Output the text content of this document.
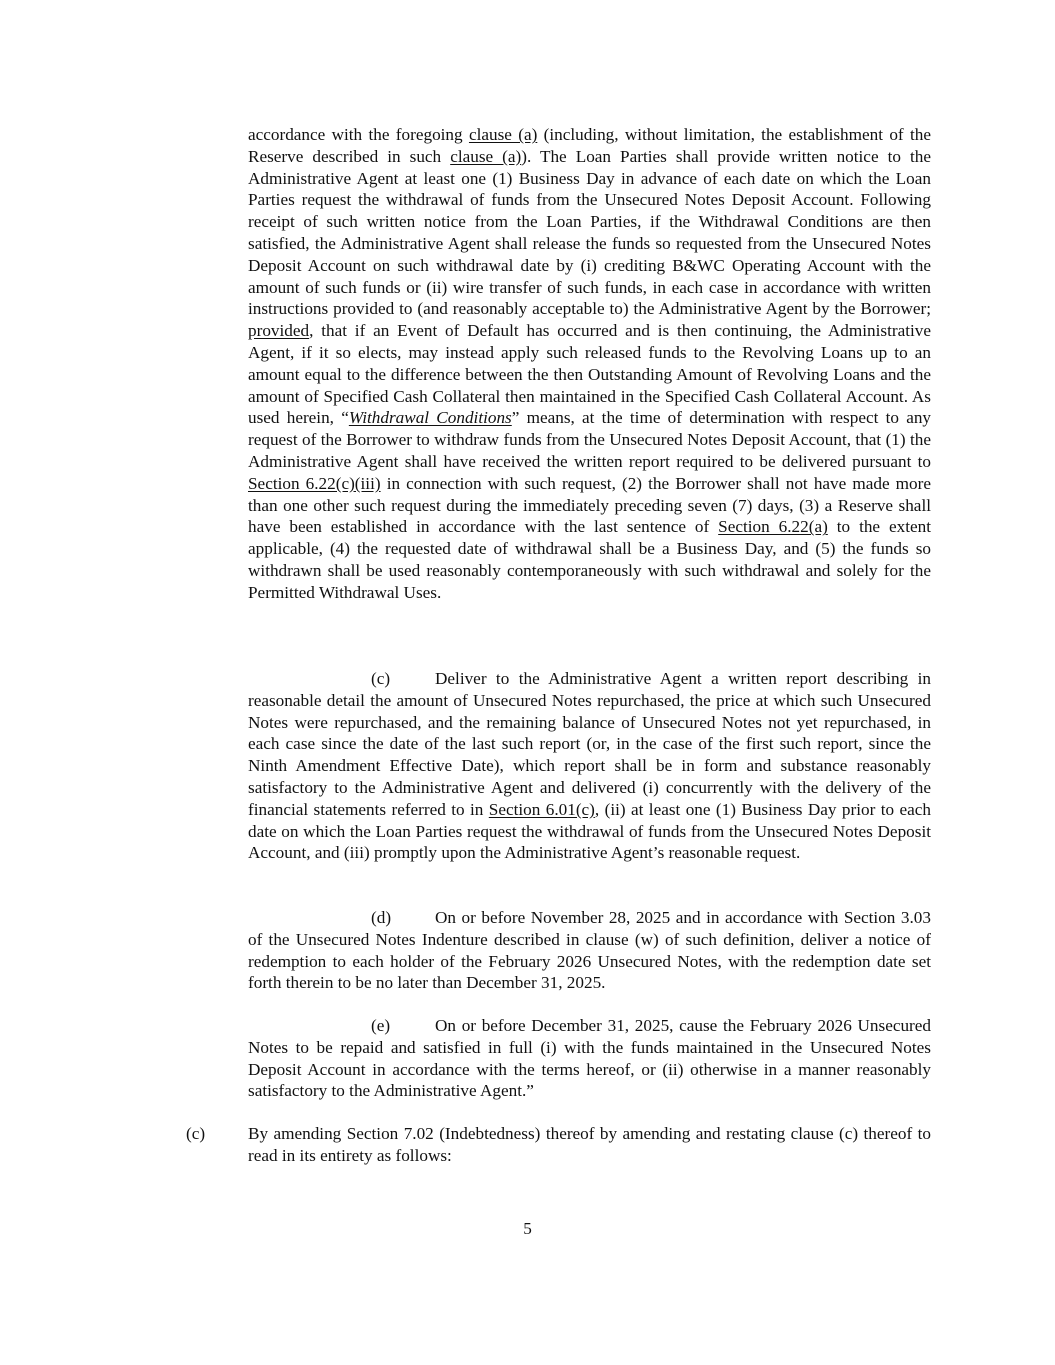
accordance with the foregoing clause (a) (including, without limitation, the establishment of the Reserve described in such clause (a)). The Loan Parties shall provide written notice to the Administrative Agent at least one (1) Business Day in advance of each date on which the Loan Parties request the withdrawal of funds from the Unsecured Notes Deposit Account. Following receipt of such written notice from the Loan Parties, if the Withdrawal Conditions are then satisfied, the Administrative Agent shall release the funds so requested from the Unsecured Notes Deposit Account on such withdrawal date by (i) crediting B&WC Operating Account with the amount of such funds or (ii) wire transfer of such funds, in each case in accordance with written instructions provided to (and reasonably acceptable to) the Administrative Agent by the Borrower; provided, that if an Event of Default has occurred and is then continuing, the Administrative Agent, if it so elects, may instead apply such released funds to the Revolving Loans up to an amount equal to the difference between the then Outstanding Amount of Revolving Loans and the amount of Specified Cash Collateral then maintained in the Specified Cash Collateral Account. As used herein, “Withdrawal Conditions” means, at the time of determination with respect to any request of the Borrower to withdraw funds from the Unsecured Notes Deposit Account, that (1) the Administrative Agent shall have received the written report required to be delivered pursuant to Section 6.22(c)(iii) in connection with such request, (2) the Borrower shall not have made more than one other such request during the immediately preceding seven (7) days, (3) a Reserve shall have been established in accordance with the last sentence of Section 6.22(a) to the extent applicable, (4) the requested date of withdrawal shall be a Business Day, and (5) the funds so withdrawn shall be used reasonably contemporaneously with such withdrawal and solely for the Permitted Withdrawal Uses.
(c)	Deliver to the Administrative Agent a written report describing in reasonable detail the amount of Unsecured Notes repurchased, the price at which such Unsecured Notes were repurchased, and the remaining balance of Unsecured Notes not yet repurchased, in each case since the date of the last such report (or, in the case of the first such report, since the Ninth Amendment Effective Date), which report shall be in form and substance reasonably satisfactory to the Administrative Agent and delivered (i) concurrently with the delivery of the financial statements referred to in Section 6.01(c), (ii) at least one (1) Business Day prior to each date on which the Loan Parties request the withdrawal of funds from the Unsecured Notes Deposit Account, and (iii) promptly upon the Administrative Agent’s reasonable request.
(d)	On or before November 28, 2025 and in accordance with Section 3.03 of the Unsecured Notes Indenture described in clause (w) of such definition, deliver a notice of redemption to each holder of the February 2026 Unsecured Notes, with the redemption date set forth therein to be no later than December 31, 2025.
(e)	On or before December 31, 2025, cause the February 2026 Unsecured Notes to be repaid and satisfied in full (i) with the funds maintained in the Unsecured Notes Deposit Account in accordance with the terms hereof, or (ii) otherwise in a manner reasonably satisfactory to the Administrative Agent.”
(c) By amending Section 7.02 (Indebtedness) thereof by amending and restating clause (c) thereof to read in its entirety as follows:
5
